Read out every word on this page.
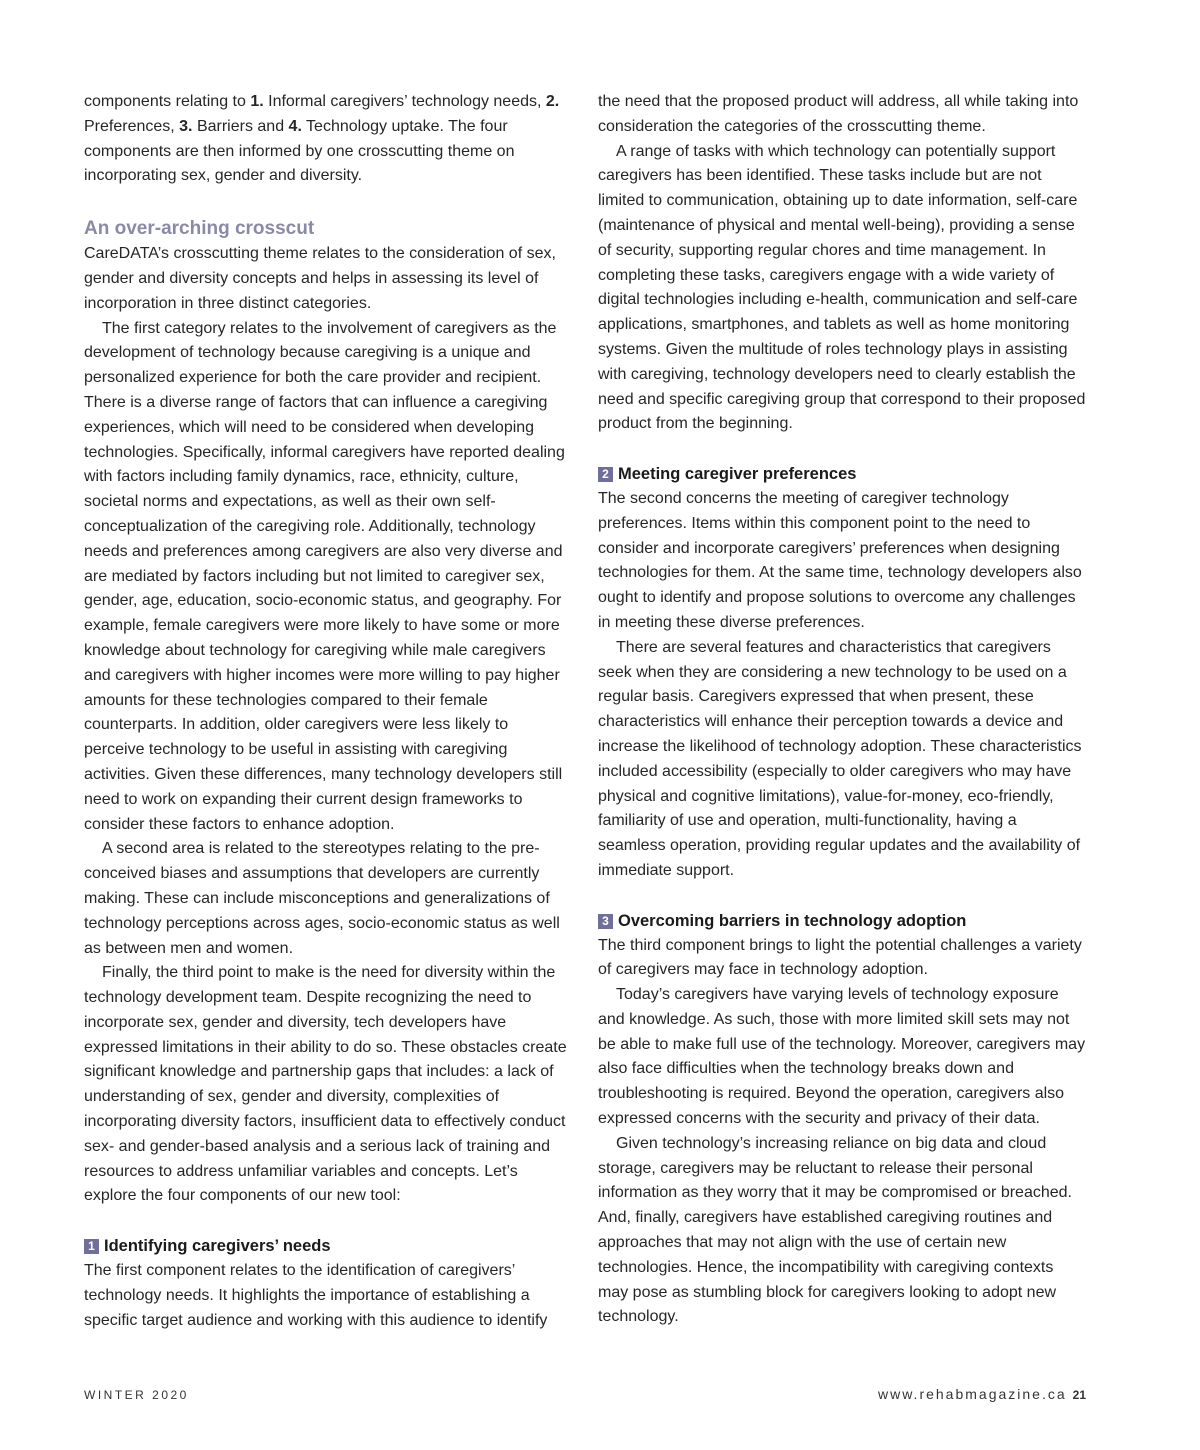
components relating to 1. Informal caregivers’ technology needs, 2. Preferences, 3. Barriers and 4. Technology uptake. The four components are then informed by one crosscutting theme on incorporating sex, gender and diversity.

An over-arching crosscut

CareDATA’s crosscutting theme relates to the consideration of sex, gender and diversity concepts and helps in assessing its level of incorporation in three distinct categories.

The first category relates to the involvement of caregivers as the development of technology because caregiving is a unique and personalized experience for both the care provider and recipient. There is a diverse range of factors that can influence a caregiving experiences, which will need to be considered when developing technologies. Specifically, informal caregivers have reported dealing with factors including family dynamics, race, ethnicity, culture, societal norms and expectations, as well as their own self-conceptualization of the caregiving role. Additionally, technology needs and preferences among caregivers are also very diverse and are mediated by factors including but not limited to caregiver sex, gender, age, education, socio-economic status, and geography. For example, female caregivers were more likely to have some or more knowledge about technology for caregiving while male caregivers and caregivers with higher incomes were more willing to pay higher amounts for these technologies compared to their female counterparts. In addition, older caregivers were less likely to perceive technology to be useful in assisting with caregiving activities. Given these differences, many technology developers still need to work on expanding their current design frameworks to consider these factors to enhance adoption.

A second area is related to the stereotypes relating to the pre-conceived biases and assumptions that developers are currently making. These can include misconceptions and generalizations of technology perceptions across ages, socio-economic status as well as between men and women.

Finally, the third point to make is the need for diversity within the technology development team. Despite recognizing the need to incorporate sex, gender and diversity, tech developers have expressed limitations in their ability to do so. These obstacles create significant knowledge and partnership gaps that includes: a lack of understanding of sex, gender and diversity, complexities of incorporating diversity factors, insufficient data to effectively conduct sex- and gender-based analysis and a serious lack of training and resources to address unfamiliar variables and concepts. Let’s explore the four components of our new tool:

1 Identifying caregivers’ needs

The first component relates to the identification of caregivers’ technology needs. It highlights the importance of establishing a specific target audience and working with this audience to identify

the need that the proposed product will address, all while taking into consideration the categories of the crosscutting theme.

A range of tasks with which technology can potentially support caregivers has been identified. These tasks include but are not limited to communication, obtaining up to date information, self-care (maintenance of physical and mental well-being), providing a sense of security, supporting regular chores and time management. In completing these tasks, caregivers engage with a wide variety of digital technologies including e-health, communication and self-care applications, smartphones, and tablets as well as home monitoring systems. Given the multitude of roles technology plays in assisting with caregiving, technology developers need to clearly establish the need and specific caregiving group that correspond to their proposed product from the beginning.

2 Meeting caregiver preferences

The second concerns the meeting of caregiver technology preferences. Items within this component point to the need to consider and incorporate caregivers’ preferences when designing technologies for them. At the same time, technology developers also ought to identify and propose solutions to overcome any challenges in meeting these diverse preferences.

There are several features and characteristics that caregivers seek when they are considering a new technology to be used on a regular basis. Caregivers expressed that when present, these characteristics will enhance their perception towards a device and increase the likelihood of technology adoption. These characteristics included accessibility (especially to older caregivers who may have physical and cognitive limitations), value-for-money, eco-friendly, familiarity of use and operation, multi-functionality, having a seamless operation, providing regular updates and the availability of immediate support.

3 Overcoming barriers in technology adoption

The third component brings to light the potential challenges a variety of caregivers may face in technology adoption.

Today’s caregivers have varying levels of technology exposure and knowledge. As such, those with more limited skill sets may not be able to make full use of the technology. Moreover, caregivers may also face difficulties when the technology breaks down and troubleshooting is required. Beyond the operation, caregivers also expressed concerns with the security and privacy of their data.

Given technology’s increasing reliance on big data and cloud storage, caregivers may be reluctant to release their personal information as they worry that it may be compromised or breached. And, finally, caregivers have established caregiving routines and approaches that may not align with the use of certain new technologies. Hence, the incompatibility with caregiving contexts may pose as stumbling block for caregivers looking to adopt new technology.

WINTER 2020	www.rehabmagazine.ca 21
